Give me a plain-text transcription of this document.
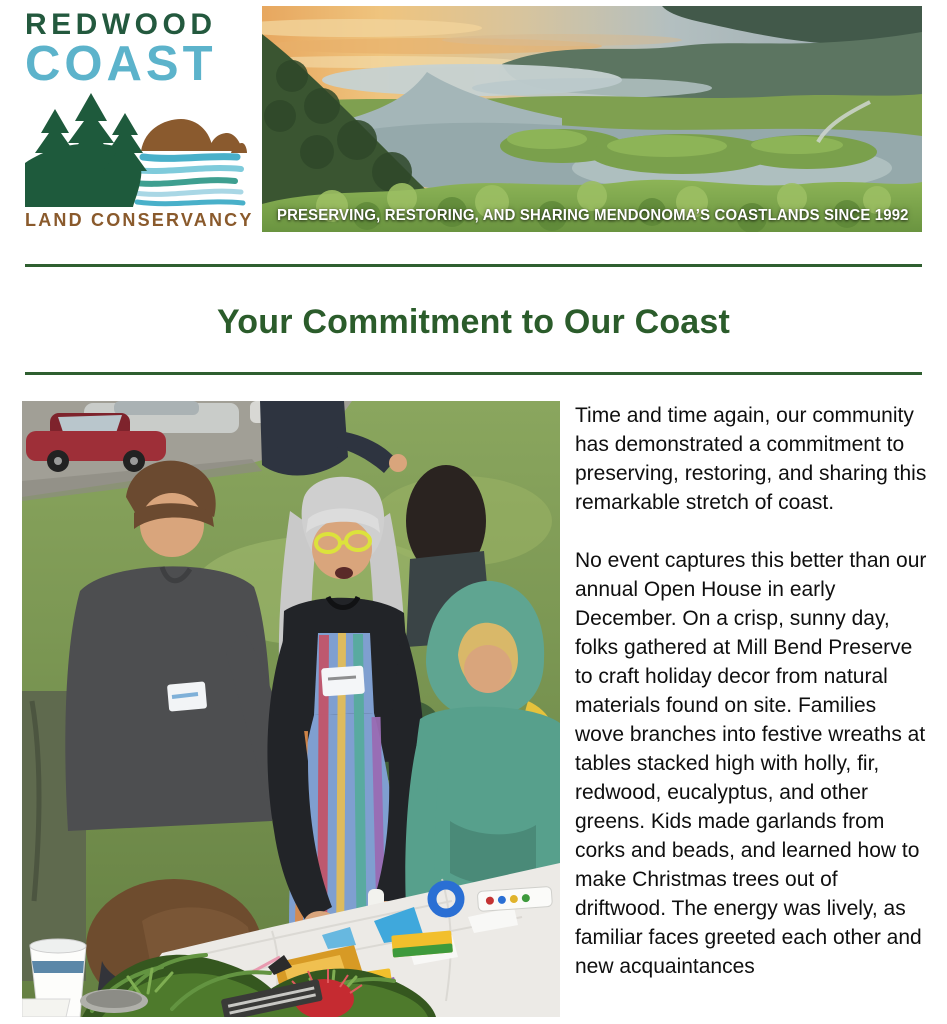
REDWOOD
COAST
LAND CONSERVANCY PRESERVING, RESTORING, AND SHARING MENDONOMA’S COASTLANDS SINCE 1992
Your Commitment to Our Coast

Time and time again, our community has demonstrated a commitment to preserving, restoring, and sharing this remarkable stretch of coast.

No event captures this better than our annual Open House in early December. On a crisp, sunny day, folks gathered at Mill Bend Preserve to craft holiday decor from natural materials found on site. Families wove branches into festive wreaths at tables stacked high with holly, fir, redwood, eucalyptus, and other greens. Kids made garlands from corks and beads, and learned how to make Christmas trees out of driftwood. The energy was lively, as familiar faces greeted each other and new acquaintances
